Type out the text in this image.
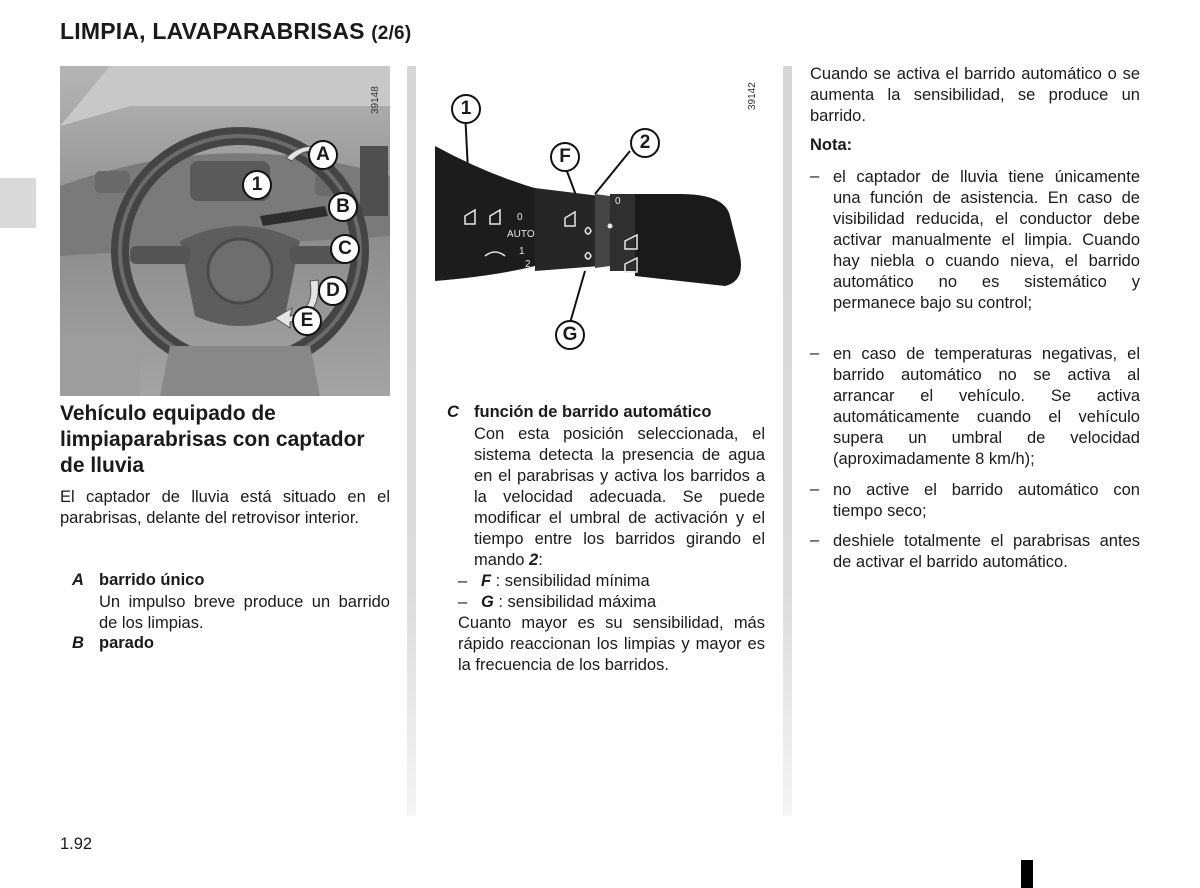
LIMPIA, LAVAPARABRISAS (2/6)
39148
1
A
B
C
D
E
39142
AUTO
0
0
1
2
1
2
F
G
Vehículo equipado de limpiaparabrisas con captador de lluvia
El captador de lluvia está situado en el parabrisas, delante del retrovisor interior.
A barrido único
Un impulso breve produce un barrido de los limpias.
B parado
C función de barrido automático
Con esta posición seleccionada, el sistema detecta la presencia de agua en el parabrisas y activa los barridos a la velocidad adecuada. Se puede modificar el umbral de activación y el tiempo entre los barridos girando el mando 2:
– F : sensibilidad mínima
– G : sensibilidad máxima
Cuanto mayor es su sensibilidad, más rápido reaccionan los limpias y mayor es la frecuencia de los barridos.
Cuando se activa el barrido automático o se aumenta la sensibilidad, se produce un barrido.
Nota:
– el captador de lluvia tiene únicamente una función de asistencia. En caso de visibilidad reducida, el conductor debe activar manualmente el limpia. Cuando hay niebla o cuando nieva, el barrido automático no es sistemático y permanece bajo su control;
– en caso de temperaturas negativas, el barrido automático no se activa al arrancar el vehículo. Se activa automáticamente cuando el vehículo supera un umbral de velocidad (aproximadamente 8 km/h);
– no active el barrido automático con tiempo seco;
– deshiele totalmente el parabrisas antes de activar el barrido automático.
1.92
